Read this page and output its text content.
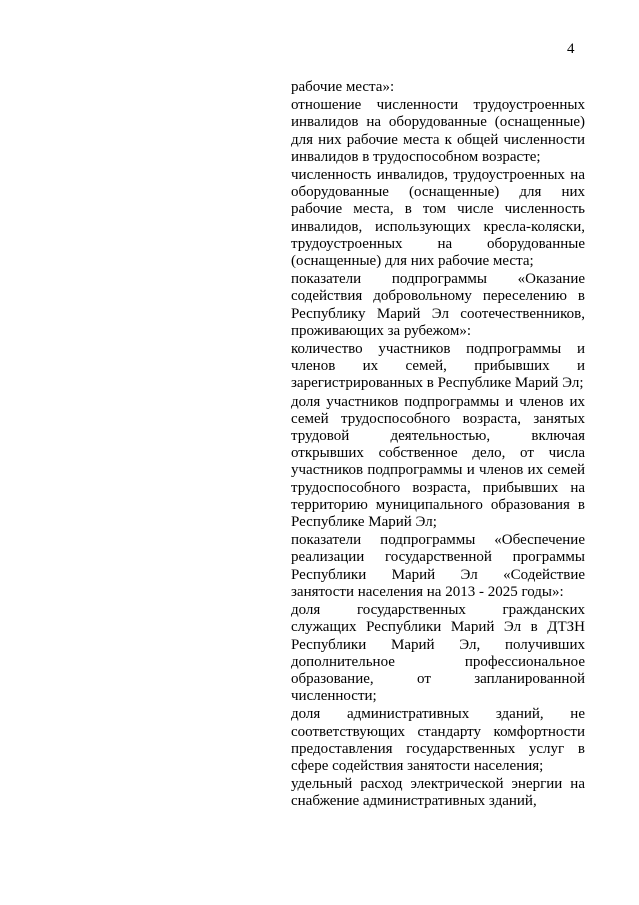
4

рабочие места»:

отношение численности трудоустроенных инвалидов на оборудованные (оснащенные) для них рабочие места к общей численности инвалидов в трудоспособном возрасте;

численность инвалидов, трудоустроенных на оборудованные (оснащенные) для них рабочие места, в том числе численность инвалидов, использующих кресла-коляски, трудоустроенных на оборудованные (оснащенные) для них рабочие места;

показатели подпрограммы «Оказание содействия добровольному переселению в Республику Марий Эл соотечественников, проживающих за рубежом»:

количество участников подпрограммы и членов их семей, прибывших и зарегистрированных в Республике Марий Эл;

доля участников подпрограммы и членов их семей трудоспособного возраста, занятых трудовой деятельностью, включая открывших собственное дело, от числа участников подпрограммы и членов их семей трудоспособного возраста, прибывших на территорию муниципального образования в Республике Марий Эл;

показатели подпрограммы «Обеспечение реализации государственной программы Республики Марий Эл «Содействие занятости населения на 2013 - 2025 годы»:

доля государственных гражданских служащих Республики Марий Эл в ДТЗН Республики Марий Эл, получивших дополнительное профессиональное образование, от запланированной численности;

доля административных зданий, не соответствующих стандарту комфортности предоставления государственных услуг в сфере содействия занятости населения;

удельный расход электрической энергии на снабжение административных зданий,
